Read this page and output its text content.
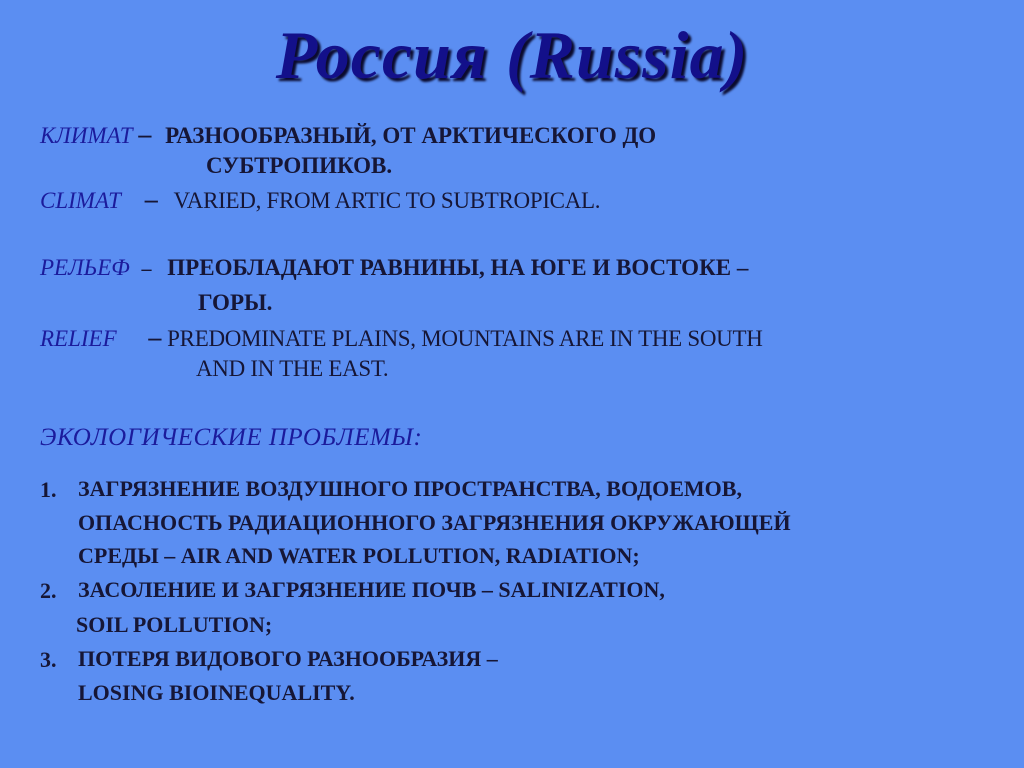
Россия (Russia)
КЛИМАТ – РАЗНООБРАЗНЫЙ, ОТ АРКТИЧЕСКОГО ДО
СУБТРОПИКОВ.
CLIMAT – VARIED, FROM ARTIC TO SUBTROPICAL.
РЕЛЬЕФ – ПРЕОБЛАДАЮТ РАВНИНЫ, НА ЮГЕ И ВОСТОКЕ –
ГОРЫ.
RELIEF – PREDOMINATE PLAINS, MOUNTAINS ARE IN THE SOUTH
AND IN THE EAST.
ЭКОЛОГИЧЕСКИЕ ПРОБЛЕМЫ:
1. ЗАГРЯЗНЕНИЕ ВОЗДУШНОГО ПРОСТРАНСТВА, ВОДОЕМОВ,
ОПАСНОСТЬ РАДИАЦИОННОГО ЗАГРЯЗНЕНИЯ ОКРУЖАЮЩЕЙ
СРЕДЫ – AIR AND WATER POLLUTION, RADIATION;
2. ЗАСОЛЕНИЕ И ЗАГРЯЗНЕНИЕ ПОЧВ – SALINIZATION,
SOIL POLLUTION;
3. ПОТЕРЯ ВИДОВОГО РАЗНООБРАЗИЯ –
LOSING BIOINEQUALITY.
